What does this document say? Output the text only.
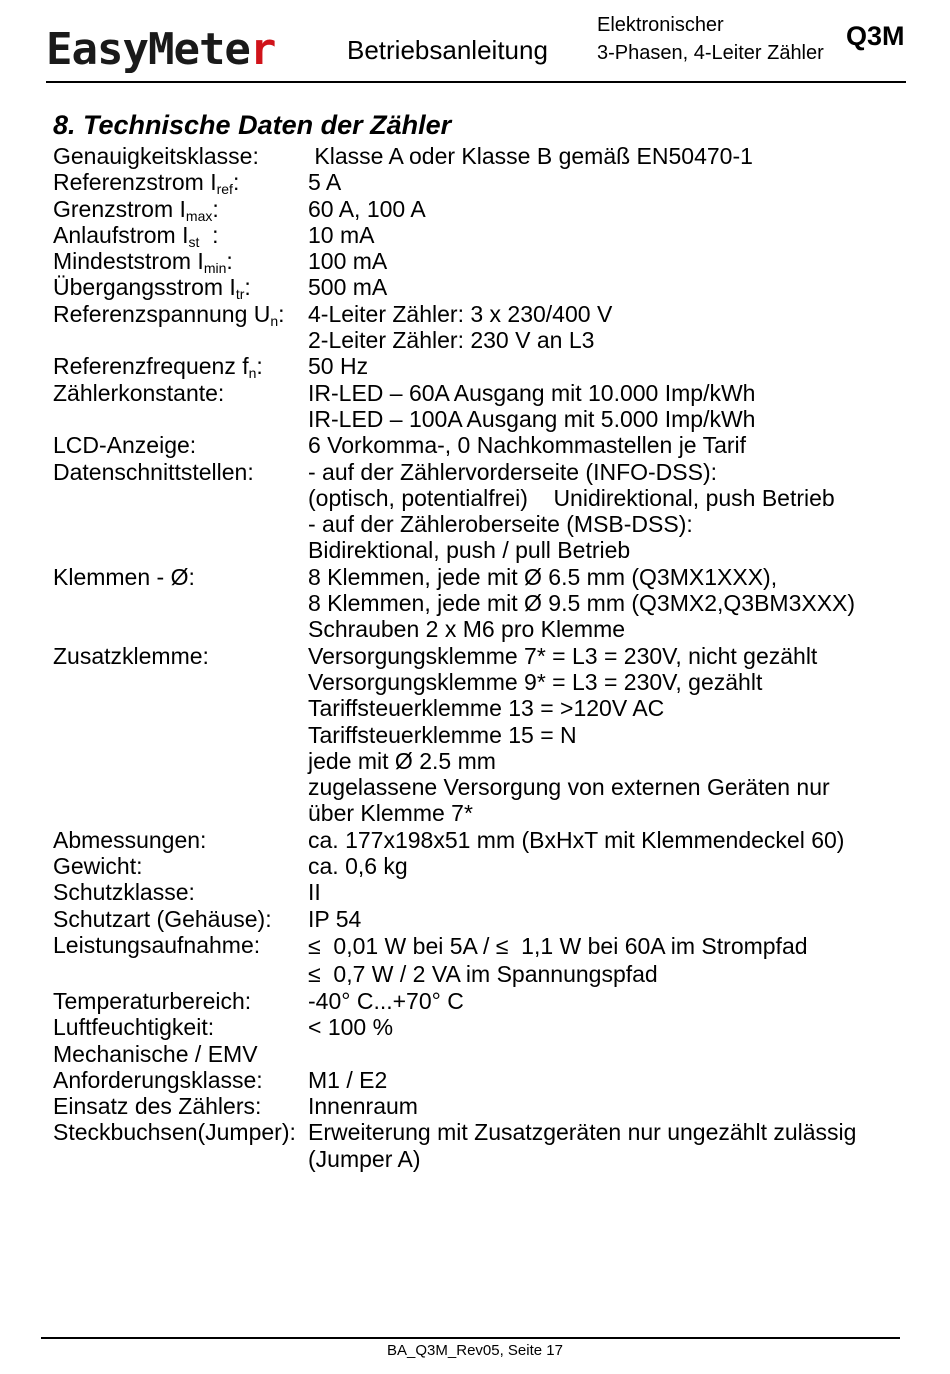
EasyMeter	Betriebsanleitung
Elektronischer
3-Phasen, 4-Leiter Zähler
Q3M
8. Technische Daten der Zähler
Genauigkeitsklasse: Klasse A oder Klasse B gemäß EN50470-1
Referenzstrom $I_{ref}$:	5 A
Grenzstrom $I_{max}$:	60 A, 100 A
Anlaufstrom $I_{st}$  :	10 mA
Mindeststrom $I_{min}$:	100 mA
Übergangsstrom $I_{tr}$: 500 mA
Referenzspannung $U_n$: 4-Leiter Zähler: 3 x 230/400 V
2-Leiter Zähler: 230 V an L3
Referenzfrequenz $f_n$: 50 Hz
Zählerkonstante:	IR-LED – 60A Ausgang mit 10.000 Imp/kWh
IR-LED – 100A Ausgang mit 5.000 Imp/kWh
LCD-Anzeige:	6 Vorkomma-, 0 Nachkommastellen je Tarif
Datenschnittstellen: - auf der Zählervorderseite (INFO-DSS):
(optisch, potentialfrei)    Unidirektional, push Betrieb
- auf der Zähleroberseite (MSB-DSS):
Bidirektional, push / pull Betrieb
Klemmen - Ø:	8 Klemmen, jede mit Ø 6.5 mm (Q3MX1XXX),
8 Klemmen, jede mit Ø 9.5 mm (Q3MX2,Q3BM3XXX)
Schrauben 2 x M6 pro Klemme
Zusatzklemme:	Versorgungsklemme 7* = L3 = 230V, nicht gezählt
Versorgungsklemme 9* = L3 = 230V, gezählt
Tariffsteuerklemme 13 = >120V AC
Tariffsteuerklemme 15 = N
jede mit Ø 2.5 mm
zugelassene Versorgung von externen Geräten nur
über Klemme 7*
Abmessungen:	ca. 177x198x51 mm (BxHxT mit Klemmendeckel 60)
Gewicht:	ca. 0,6 kg
Schutzklasse:	II
Schutzart (Gehäuse): IP 54
Leistungsaufnahme: ≤  0,01 W bei 5A / ≤  1,1 W bei 60A im Strompfad
≤  0,7 W / 2 VA im Spannungspfad
Temperaturbereich: -40° C...+70° C
Luftfeuchtigkeit:	< 100 %
Mechanische / EMV
Anforderungsklasse: M1 / E2
Einsatz des Zählers: Innenraum
Steckbuchsen(Jumper): Erweiterung mit Zusatzgeräten nur ungezählt zulässig
(Jumper A)
BA_Q3M_Rev05, Seite 17
